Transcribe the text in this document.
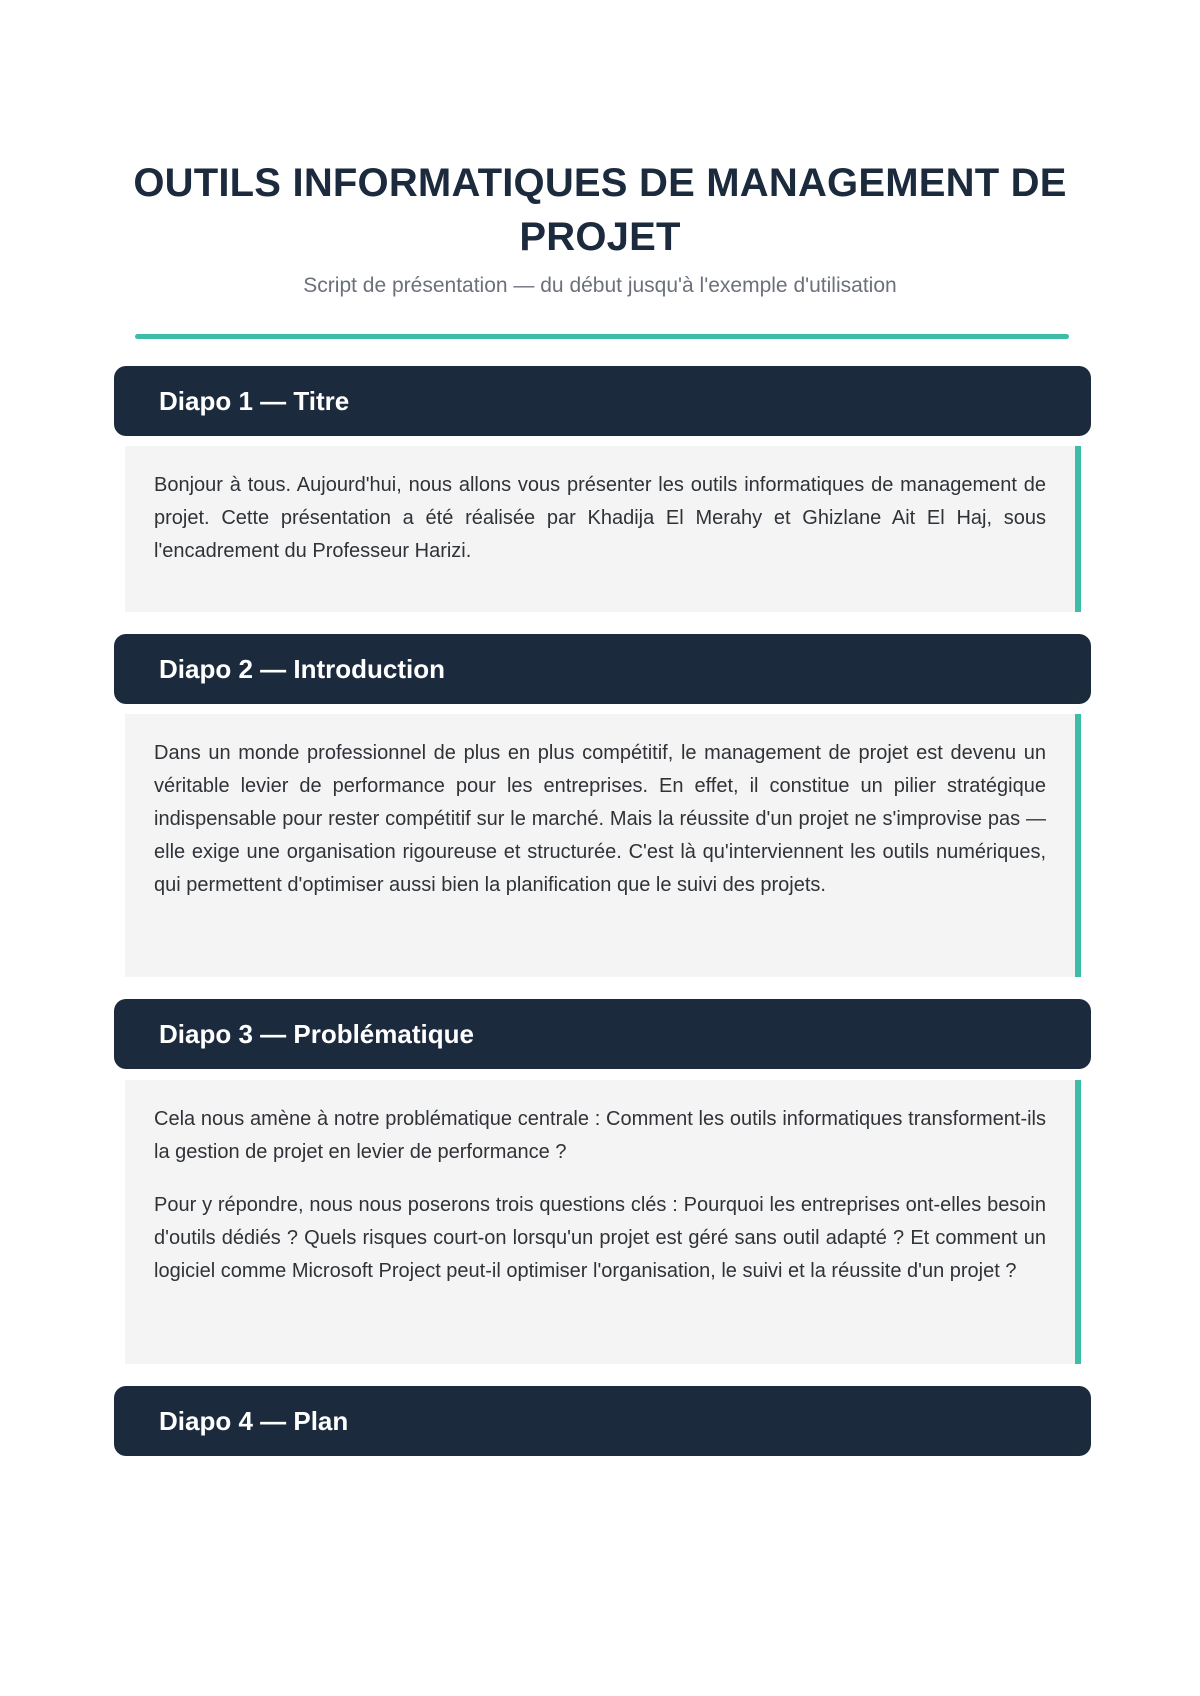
OUTILS INFORMATIQUES DE MANAGEMENT DE PROJET
Script de présentation — du début jusqu'à l'exemple d'utilisation
Diapo 1 — Titre

Bonjour à tous. Aujourd'hui, nous allons vous présenter les outils informatiques de management de projet. Cette présentation a été réalisée par Khadija El Merahy et Ghizlane Ait El Haj, sous l'encadrement du Professeur Harizi.

Diapo 2 — Introduction

Dans un monde professionnel de plus en plus compétitif, le management de projet est devenu un véritable levier de performance pour les entreprises. En effet, il constitue un pilier stratégique indispensable pour rester compétitif sur le marché. Mais la réussite d'un projet ne s'improvise pas — elle exige une organisation rigoureuse et structurée. C'est là qu'interviennent les outils numériques, qui permettent d'optimiser aussi bien la planification que le suivi des projets.

Diapo 3 — Problématique

Cela nous amène à notre problématique centrale : Comment les outils informatiques transforment-ils la gestion de projet en levier de performance ?

Pour y répondre, nous nous poserons trois questions clés : Pourquoi les entreprises ont-elles besoin d'outils dédiés ? Quels risques court-on lorsqu'un projet est géré sans outil adapté ? Et comment un logiciel comme Microsoft Project peut-il optimiser l'organisation, le suivi et la réussite d'un projet ?

Diapo 4 — Plan
